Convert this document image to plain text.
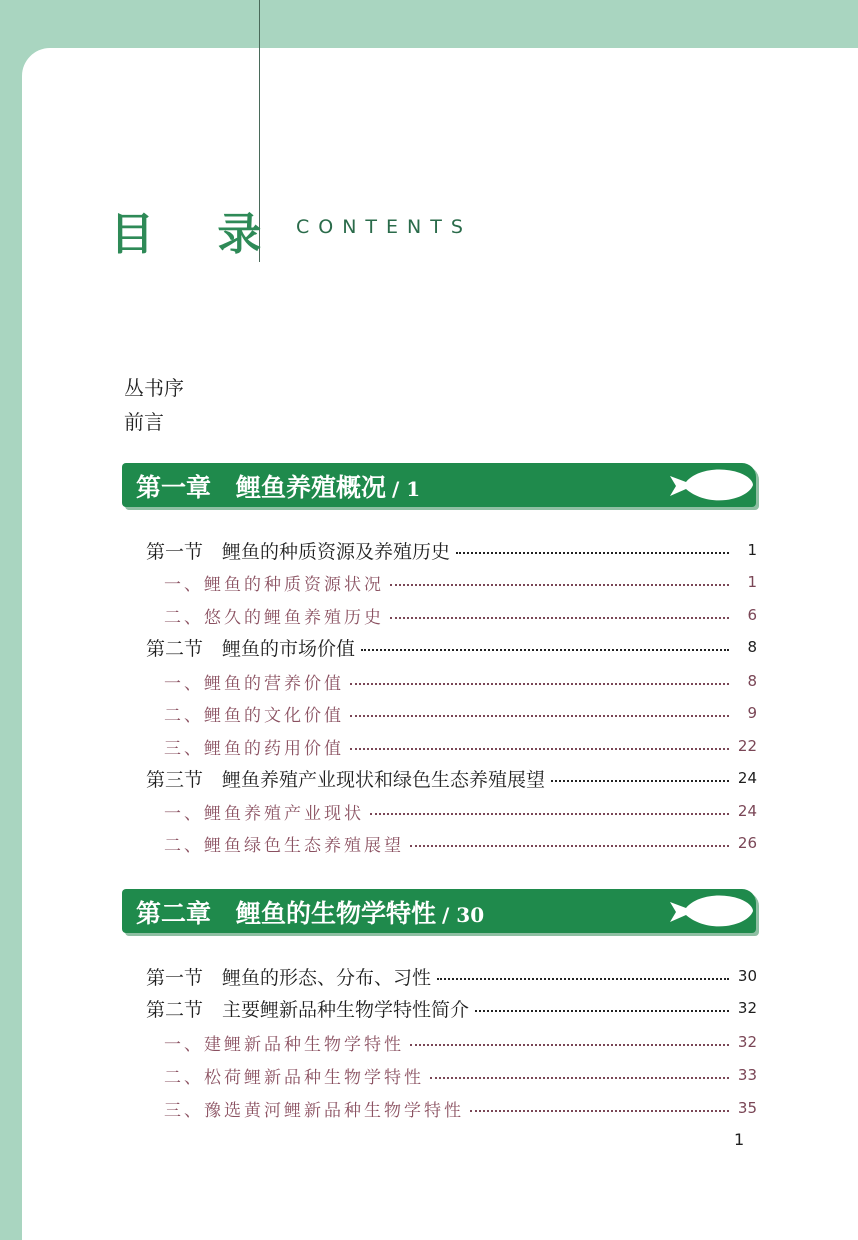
目 录 CONTENTS
丛书序
前言
第一章　鲤鱼养殖概况 / 1
第一节　鲤鱼的种质资源及养殖历史	1
一、鲤鱼的种质资源状况	1
二、悠久的鲤鱼养殖历史	6
第二节　鲤鱼的市场价值	8
一、鲤鱼的营养价值	8
二、鲤鱼的文化价值	9
三、鲤鱼的药用价值	22
第三节　鲤鱼养殖产业现状和绿色生态养殖展望	24
一、鲤鱼养殖产业现状	24
二、鲤鱼绿色生态养殖展望	26
第二章　鲤鱼的生物学特性 / 30
第一节　鲤鱼的形态、分布、习性	30
第二节　主要鲤新品种生物学特性简介	32
一、建鲤新品种生物学特性	32
二、松荷鲤新品种生物学特性	33
三、豫选黄河鲤新品种生物学特性	35
1
